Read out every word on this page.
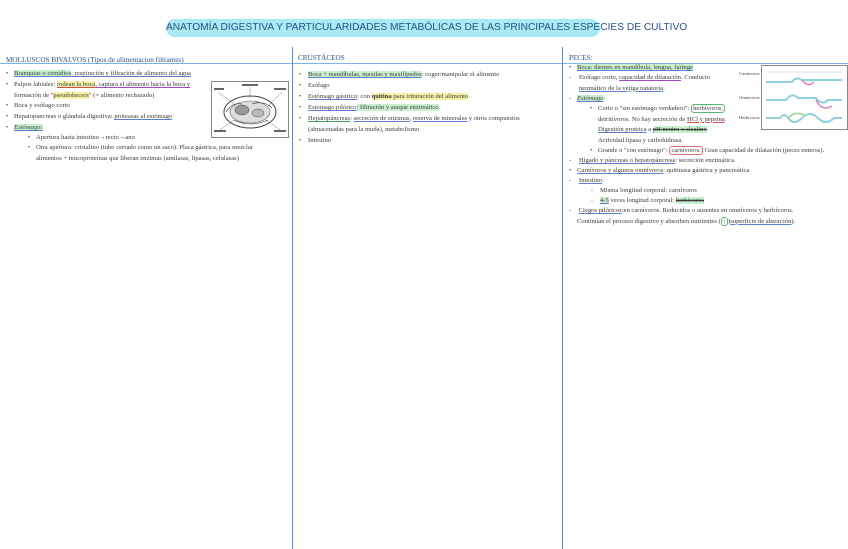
ANATOMÍA DIGESTIVA Y PARTICULARIDADES METABÓLICAS DE LAS PRINCIPALES ESPECIES DE CULTIVO
MOLLUSCOS BIVALVOS (Tipos de alimentacion filtrantes)
• Branquias o ctenidios: respiración y filtración de alimento del agua
• Palpos labiales: rodean la boca, captura el alimento hacia la boca y
formación de "pseudohecers" (= alimento rechazado)
• Boca y esófago corto
• Hepatopancreas o glándula digestiva: proteasas al estómago
• Estómago:
• Apertura hasta intestino→recto→ano
• Otra apertura: cristalino (tubo cerrado como un saco). Placa gástrica, para mezclar
alimentos + mucoproteínas que liberan enzimas (amilasas, lipasas, celulasas)
CRUSTÁCEOS
• Boca + mandíbulas, maxilas y maxilípedos: coger/manipular el alimento
• Esófago
• Estómago gástrico: con quitina para trituración del alimento
• Estomago pilórico: filtración y ataque enzimático.
• Hepatopáncreas: secreción de enzimas, reserva de minerales y otros compuestos
(almacenadas para la muda), metabolismo
• Intestino
PECES:
• Boca: dientes en mandíbula, lengua, faringe
- Esófago corto, capacidad de dilatación. Conducto
neumático de la vejiga natatoria.
- Estómago:
• Corto o "sin estómago verdadero": herbívoros,
detritívoros. No hay secreción de HCl y pepsina.
Digestión proteica a pH neutro o alcalino.
Actividad lipasa y carbohidrasa.
• Grande o "con estómago": carnívoros. Gran capacidad de dilatación (peces enteros).
- Hígado y páncreas o hepatopáncreas: secreción enzimática.
• Carnívoros y algunos omnívoros: quitinasa gástrica y pancreática
- Intestino:
◦ Misma longitud corporal: carnívoros
◦ 4-5 veces longitud corporal: herbívoros
- Ciegos pilóricos:en carnívoros. Reducidos o ausentes en omnívoros y herbívoros.
Continúan el proceso digestivo y absorben nutrientes ( ↑ )superficie de absorción).
Carnivoros
Omnivoros
Herbivoros
